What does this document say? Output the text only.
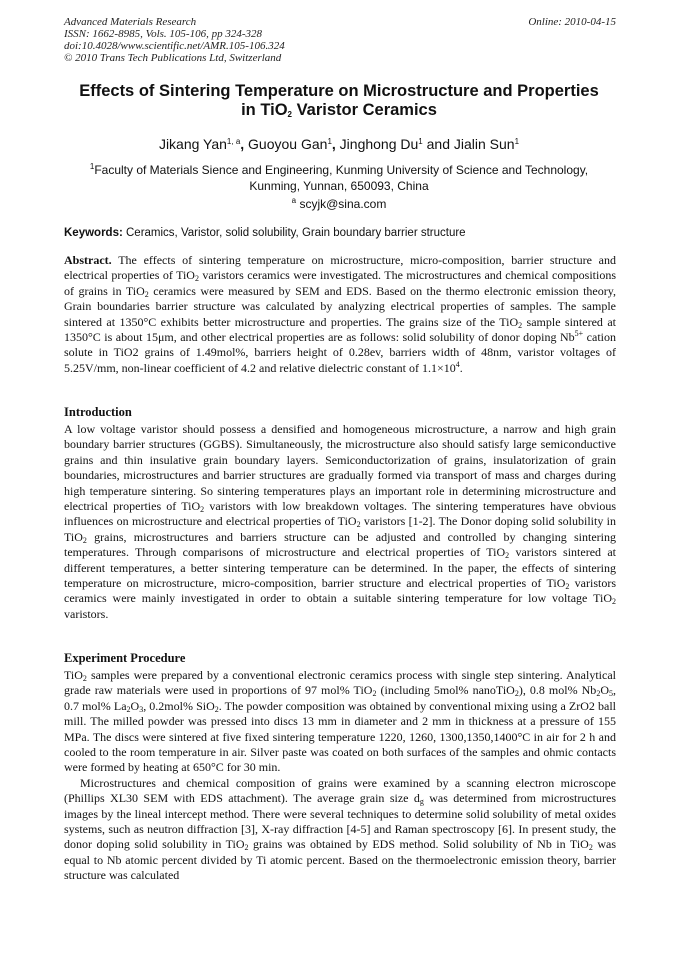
Advanced Materials Research	Online: 2010-04-15
ISSN: 1662-8985, Vols. 105-106, pp 324-328
doi:10.4028/www.scientific.net/AMR.105-106.324
© 2010 Trans Tech Publications Ltd, Switzerland
Effects of Sintering Temperature on Microstructure and Properties
in TiO$_2$ Varistor Ceramics
Jikang Yan$^{1, a}$, Guoyou Gan$^1$, Jinghong Du$^1$ and Jialin Sun$^1$
$^1$Faculty of Materials Sience and Engineering, Kunming University of Science and Technology,
Kunming, Yunnan, 650093, China
$^a$ scyjk@sina.com
Keywords: Ceramics, Varistor, solid solubility, Grain boundary barrier structure

Abstract. The effects of sintering temperature on microstructure, micro-composition, barrier structure and electrical properties of TiO$_2$ varistors ceramics were investigated. The microstructures and chemical compositions of grains in TiO$_2$ ceramics were measured by SEM and EDS. Based on the thermo electronic emission theory, Grain boundaries barrier structure was calculated by analyzing electrical properties of samples. The sample sintered at 1350°C exhibits better microstructure and properties. The grains size of the TiO$_2$ sample sintered at 1350°C is about 15μm, and other electrical properties are as follows: solid solubility of donor doping $Nb^{5+}$ cation solute in TiO2 grains of 1.49mol%, barriers height of 0.28ev, barriers width of 48nm, varistor voltages of 5.25V/mm, non-linear coefficient of 4.2 and relative dielectric constant of $1.1\times 10^4$.

Introduction

A low voltage varistor should possess a densified and homogeneous microstructure, a narrow and high grain boundary barrier structures (GGBS). Simultaneously, the microstructure also should satisfy large semiconductive grains and thin insulative grain boundary layers. Semiconductorization of grains, insulatorization of grain boundaries, microstructures and barrier structures are gradually formed via transport of mass and charges during high temperature sintering. So sintering temperatures plays an important role in determining microstructure and electrical properties of TiO$_2$ varistors with low breakdown voltages. The sintering temperatures have obvious influences on microstructure and electrical properties of TiO$_2$ varistors [1-2]. The Donor doping solid solubility in TiO$_2$ grains, microstructures and barriers structure can be adjusted and controlled by changing sintering temperatures. Through comparisons of microstructure and electrical properties of TiO$_2$ varistors sintered at different temperatures, a better sintering temperature can be determined. In the paper, the effects of sintering temperature on microstructure, micro-composition, barrier structure and electrical properties of TiO$_2$ varistors ceramics were mainly investigated in order to obtain a suitable sintering temperature for low voltage TiO$_2$ varistors.

Experiment Procedure

TiO$_2$ samples were prepared by a conventional electronic ceramics process with single step sintering. Analytical grade raw materials were used in proportions of 97 mol% TiO$_2$ (including 5mol% nanoTiO$_2$), 0.8 mol% $Nb_2O_5$, 0.7 mol% $La_2O_3$, 0.2mol% SiO$_2$. The powder composition was obtained by conventional mixing using a ZrO2 ball mill. The milled powder was pressed into discs 13 mm in diameter and 2 mm in thickness at a pressure of 155 MPa. The discs were sintered at five fixed sintering temperature 1220, 1260, 1300,1350,1400°C in air for 2 h and cooled to the room temperature in air. Silver paste was coated on both surfaces of the samples and ohmic contacts were formed by heating at 650°C for 30 min.

Microstructures and chemical composition of grains were examined by a scanning electron microscope (Phillips XL30 SEM with EDS attachment). The average grain size $d_g$ was determined from microstructures images by the lineal intercept method. There were several techniques to determine solid solubility of metal oxides systems, such as neutron diffraction [3], X-ray diffraction [4-5] and Raman spectroscopy [6]. In present study, the donor doping solid solubility in TiO$_2$ grains was obtained by EDS method. Solid solubility of Nb in TiO$_2$ was equal to Nb atomic percent divided by Ti atomic percent. Based on the thermoelectronic emission theory, barrier structure was calculated
